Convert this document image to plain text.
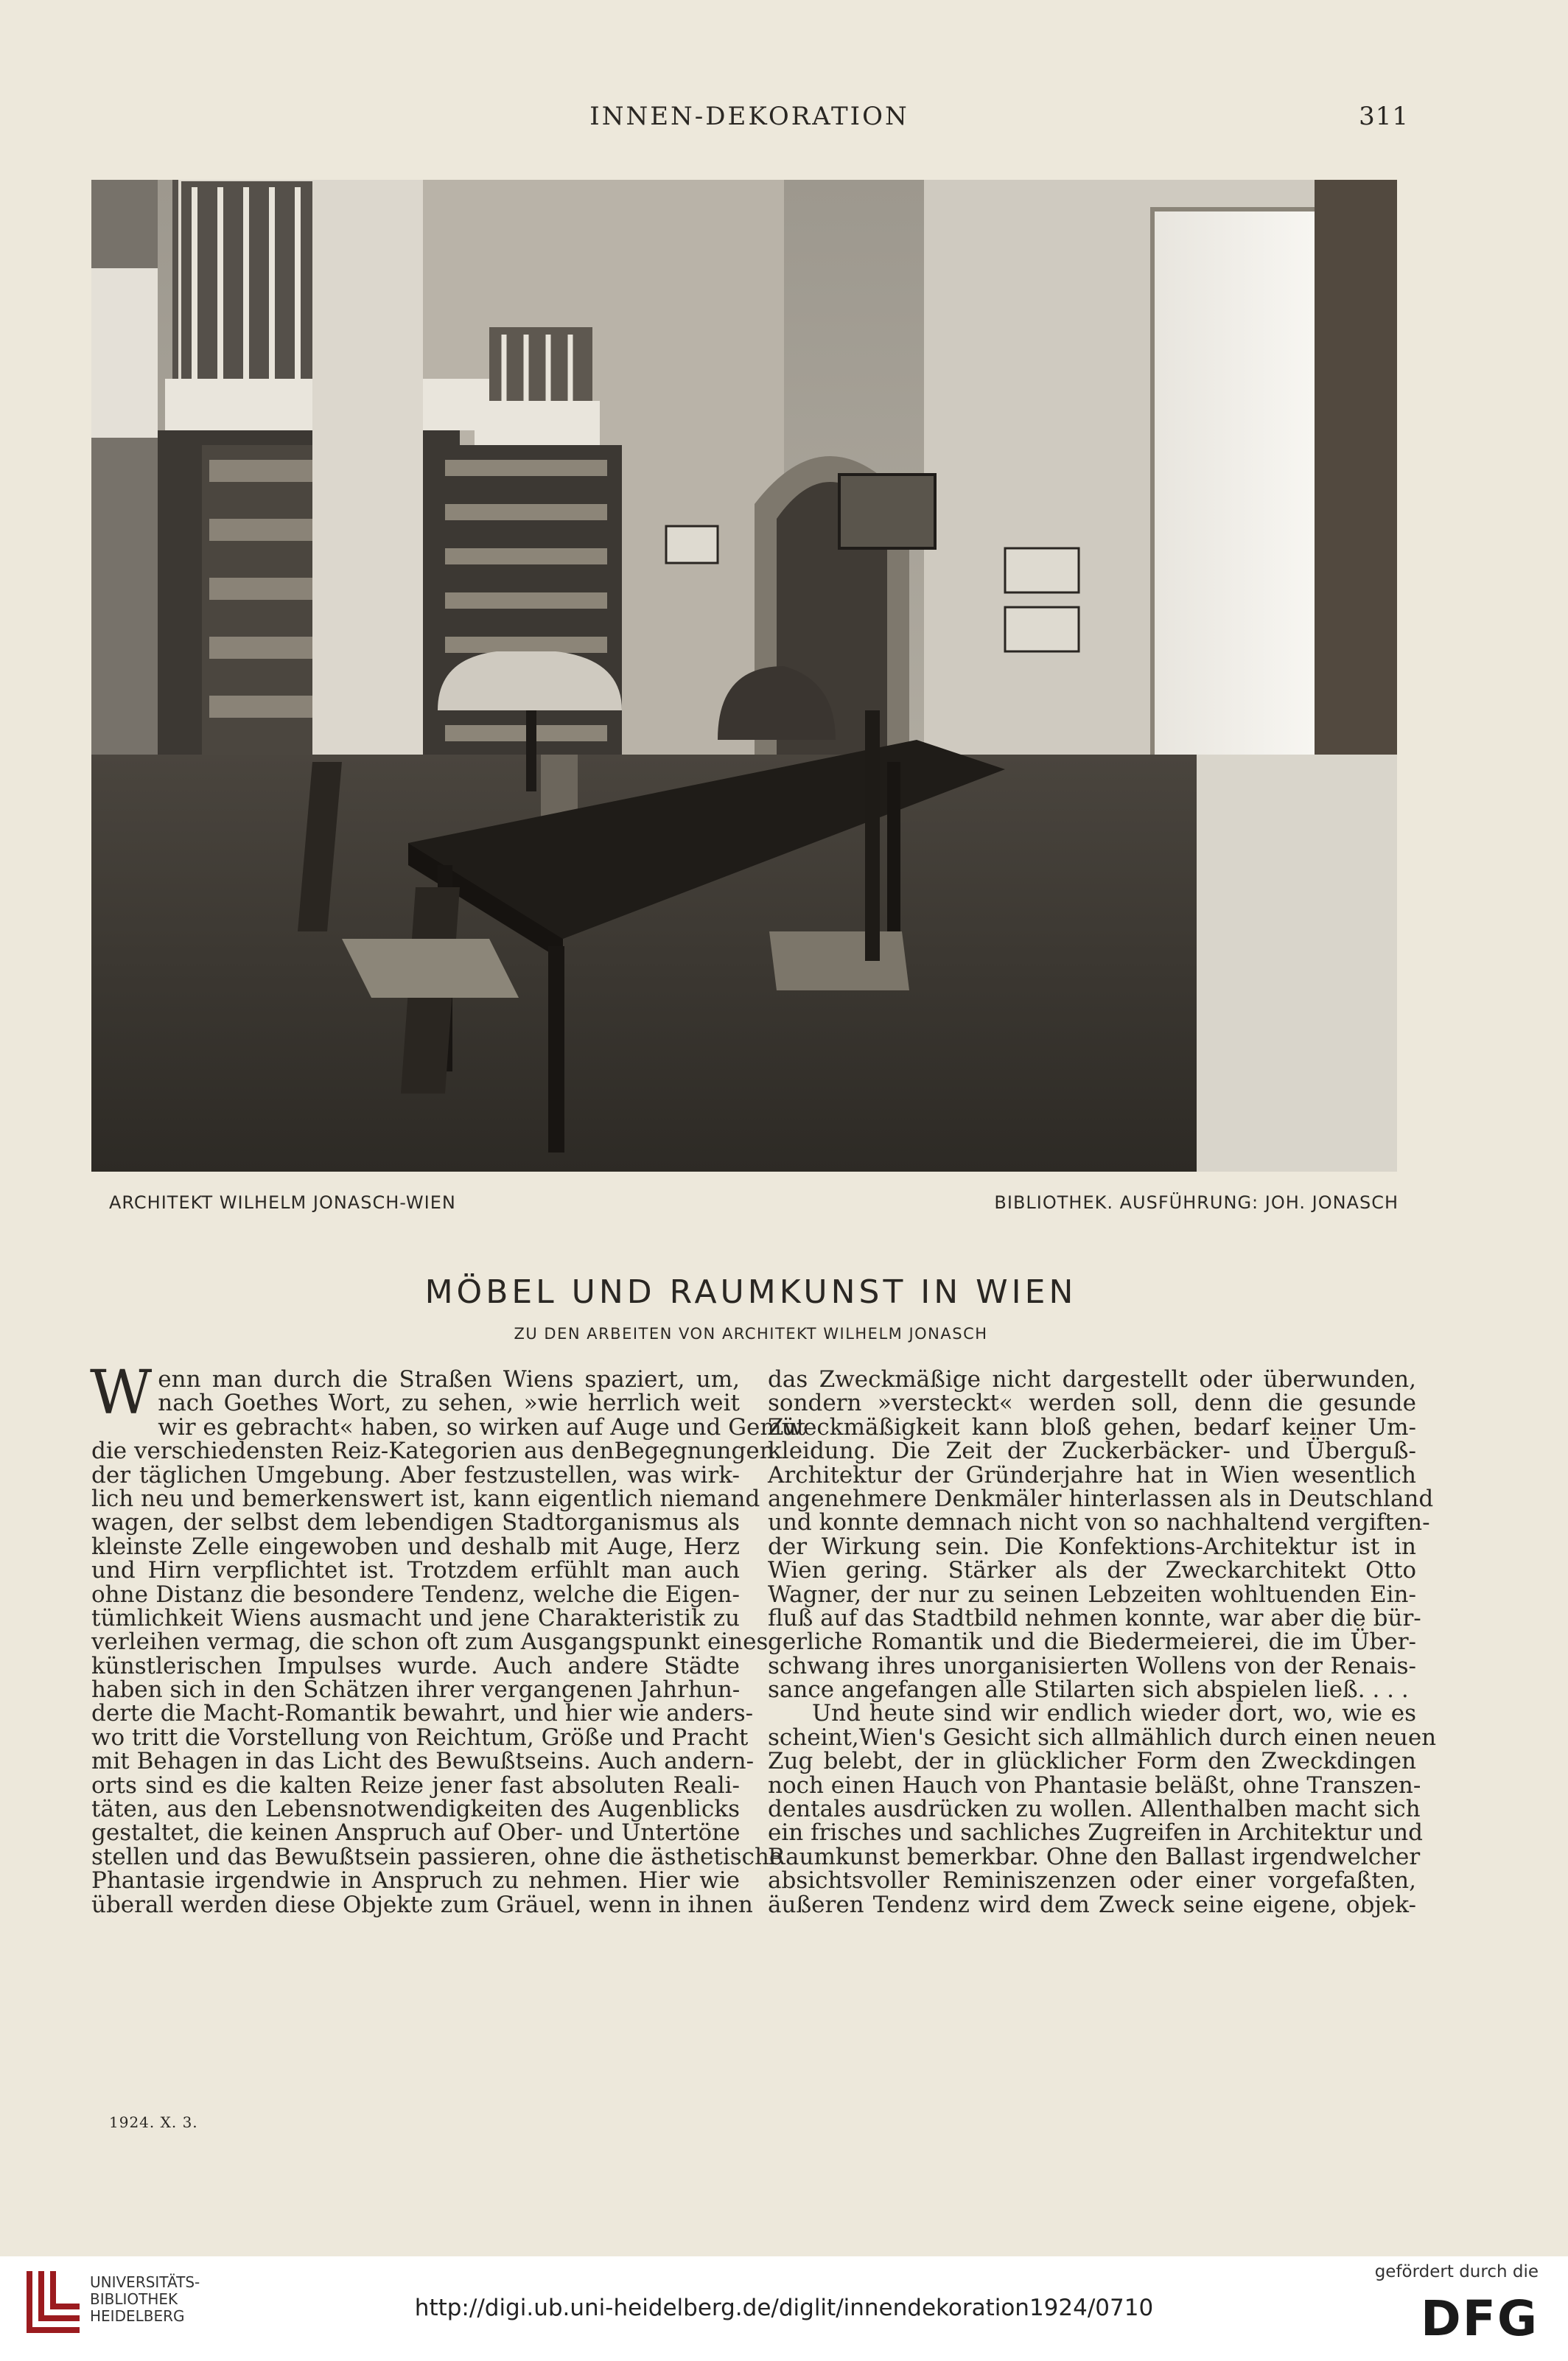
INNEN-DEKORATION	311
ARCHITEKT WILHELM JONASCH-WIEN	BIBLIOTHEK. AUSFÜHRUNG: JOH. JONASCH
MÖBEL UND RAUMKUNST IN WIEN
ZU DEN ARBEITEN VON ARCHITEKT WILHELM JONASCH
W enn man durch die Straßen Wiens spaziert, um,
nach Goethes Wort, zu sehen, »wie herrlich weit
wir es gebracht« haben, so wirken auf Auge und Gemüt
die verschiedensten Reiz-Kategorien aus denBegegnungen
der täglichen Umgebung. Aber festzustellen, was wirk-
lich neu und bemerkenswert ist, kann eigentlich niemand
wagen, der selbst dem lebendigen Stadtorganismus als
kleinste Zelle eingewoben und deshalb mit Auge, Herz
und Hirn verpflichtet ist. Trotzdem erfühlt man auch
ohne Distanz die besondere Tendenz, welche die Eigen-
tümlichkeit Wiens ausmacht und jene Charakteristik zu
verleihen vermag, die schon oft zum Ausgangspunkt eines
künstlerischen Impulses wurde. Auch andere Städte
haben sich in den Schätzen ihrer vergangenen Jahrhun-
derte die Macht-Romantik bewahrt, und hier wie anders-
wo tritt die Vorstellung von Reichtum, Größe und Pracht
mit Behagen in das Licht des Bewußtseins. Auch andern-
orts sind es die kalten Reize jener fast absoluten Reali-
täten, aus den Lebensnotwendigkeiten des Augenblicks
gestaltet, die keinen Anspruch auf Ober- und Untertöne
stellen und das Bewußtsein passieren, ohne die ästhetische
Phantasie irgendwie in Anspruch zu nehmen. Hier wie
überall werden diese Objekte zum Gräuel, wenn in ihnen
das Zweckmäßige nicht dargestellt oder überwunden,
sondern »versteckt« werden soll, denn die gesunde
Zweckmäßigkeit kann bloß gehen, bedarf keiner Um-
kleidung. Die Zeit der Zuckerbäcker- und Überguß-
Architektur der Gründerjahre hat in Wien wesentlich
angenehmere Denkmäler hinterlassen als in Deutschland
und konnte demnach nicht von so nachhaltend vergiften-
der Wirkung sein. Die Konfektions-Architektur ist in
Wien gering. Stärker als der Zweckarchitekt Otto
Wagner, der nur zu seinen Lebzeiten wohltuenden Ein-
fluß auf das Stadtbild nehmen konnte, war aber die bür-
gerliche Romantik und die Biedermeierei, die im Über-
schwang ihres unorganisierten Wollens von der Renais-
sance angefangen alle Stilarten sich abspielen ließ. . . .
Und heute sind wir endlich wieder dort, wo, wie es
scheint,Wien's Gesicht sich allmählich durch einen neuen
Zug belebt, der in glücklicher Form den Zweckdingen
noch einen Hauch von Phantasie beläßt, ohne Transzen-
dentales ausdrücken zu wollen. Allenthalben macht sich
ein frisches und sachliches Zugreifen in Architektur und
Raumkunst bemerkbar. Ohne den Ballast irgendwelcher
absichtsvoller Reminiszenzen oder einer vorgefaßten,
äußeren Tendenz wird dem Zweck seine eigene, objek-
1924. X. 3.
UNIVERSITÄTS-
BIBLIOTHEK
HEIDELBERG	http://digi.ub.uni-heidelberg.de/diglit/innendekoration1924/0710
gefördert durch die
DFG
